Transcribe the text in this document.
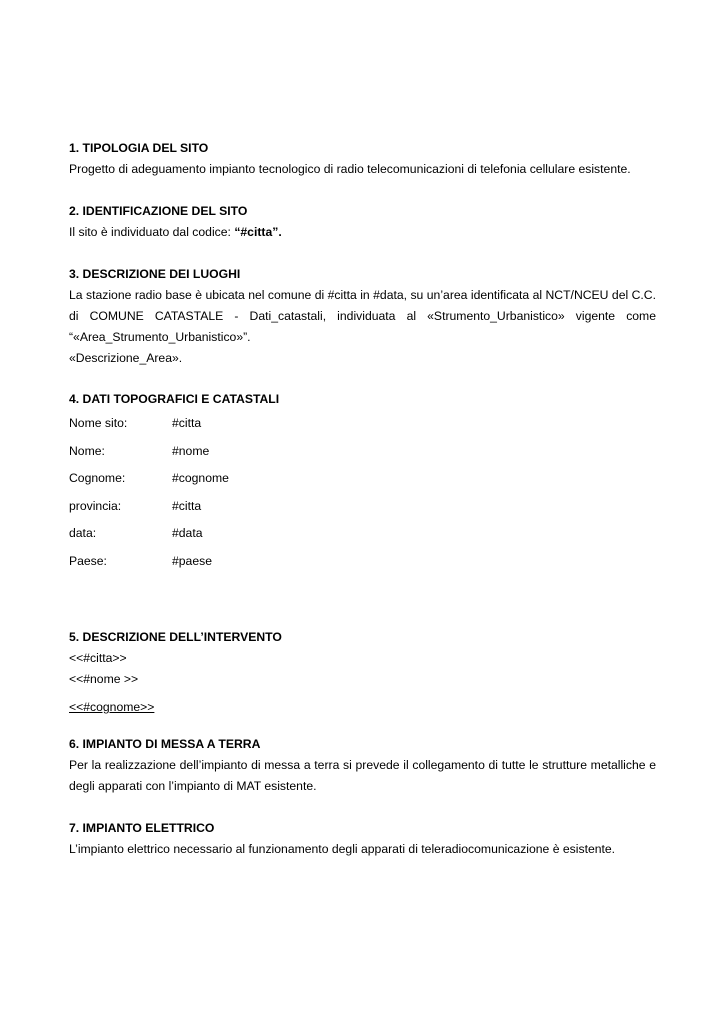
1. TIPOLOGIA DEL SITO
Progetto di adeguamento impianto tecnologico di radio telecomunicazioni di telefonia cellulare esistente.
2. IDENTIFICAZIONE DEL SITO
Il sito è individuato dal codice: “#citta”.
3. DESCRIZIONE DEI LUOGHI
La stazione radio base è ubicata nel comune di #citta in #data, su un’area identificata al NCT/NCEU del C.C.
di COMUNE CATASTALE - Dati_catastali, individuata al «Strumento_Urbanistico» vigente come
“«Area_Strumento_Urbanistico»”.
«Descrizione_Area».
4. DATI TOPOGRAFICI E CATASTALI
Nome sito:	#citta
Nome:	#nome
Cognome:	#cognome
provincia:	#citta
data:	#data
Paese:	#paese
5. DESCRIZIONE DELL’INTERVENTO
<<#citta>>
<<#nome >>
<<#cognome>>
6. IMPIANTO DI MESSA A TERRA
Per la realizzazione dell’impianto di messa a terra si prevede il collegamento di tutte le strutture metalliche e
degli apparati con l’impianto di MAT esistente.
7. IMPIANTO ELETTRICO
L’impianto elettrico necessario al funzionamento degli apparati di teleradiocomunicazione è esistente.
